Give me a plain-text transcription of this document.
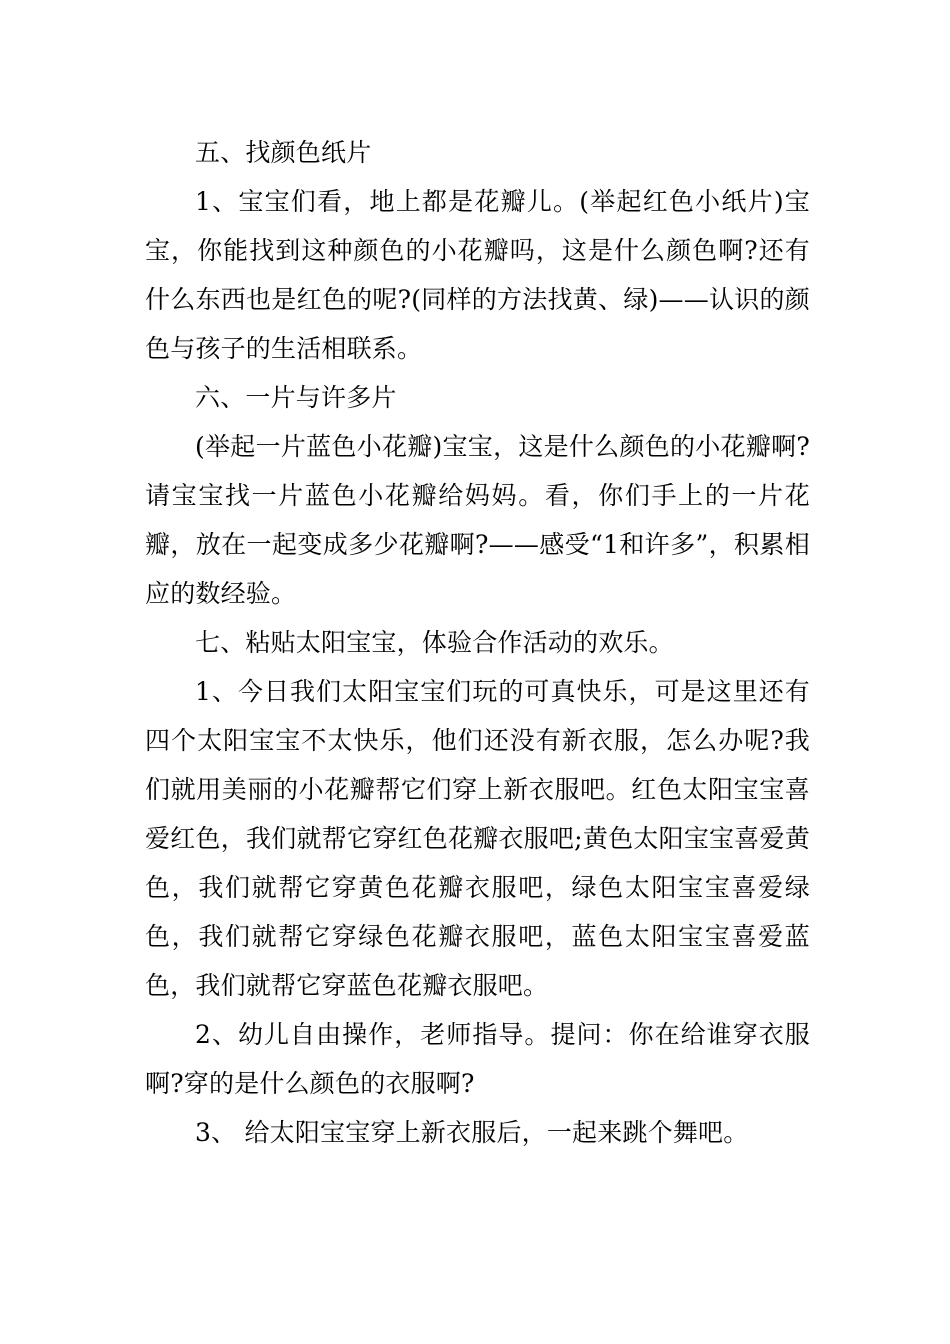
五、找颜色纸片

1、宝宝们看，地上都是花瓣儿。(举起红色小纸片)宝宝，你能找到这种颜色的小花瓣吗，这是什么颜色啊?还有什么东西也是红色的呢?(同样的方法找黄、绿)——认识的颜色与孩子的生活相联系。

六、一片与许多片

(举起一片蓝色小花瓣)宝宝，这是什么颜色的小花瓣啊?请宝宝找一片蓝色小花瓣给妈妈。看，你们手上的一片花瓣，放在一起变成多少花瓣啊?——感受“1和许多”，积累相应的数经验。

七、粘贴太阳宝宝，体验合作活动的欢乐。

1、今日我们太阳宝宝们玩的可真快乐，可是这里还有四个太阳宝宝不太快乐，他们还没有新衣服，怎么办呢?我们就用美丽的小花瓣帮它们穿上新衣服吧。红色太阳宝宝喜爱红色，我们就帮它穿红色花瓣衣服吧;黄色太阳宝宝喜爱黄色，我们就帮它穿黄色花瓣衣服吧，绿色太阳宝宝喜爱绿色，我们就帮它穿绿色花瓣衣服吧，蓝色太阳宝宝喜爱蓝色，我们就帮它穿蓝色花瓣衣服吧。

2、幼儿自由操作，老师指导。提问：你在给谁穿衣服啊?穿的是什么颜色的衣服啊?

3、 给太阳宝宝穿上新衣服后，一起来跳个舞吧。
